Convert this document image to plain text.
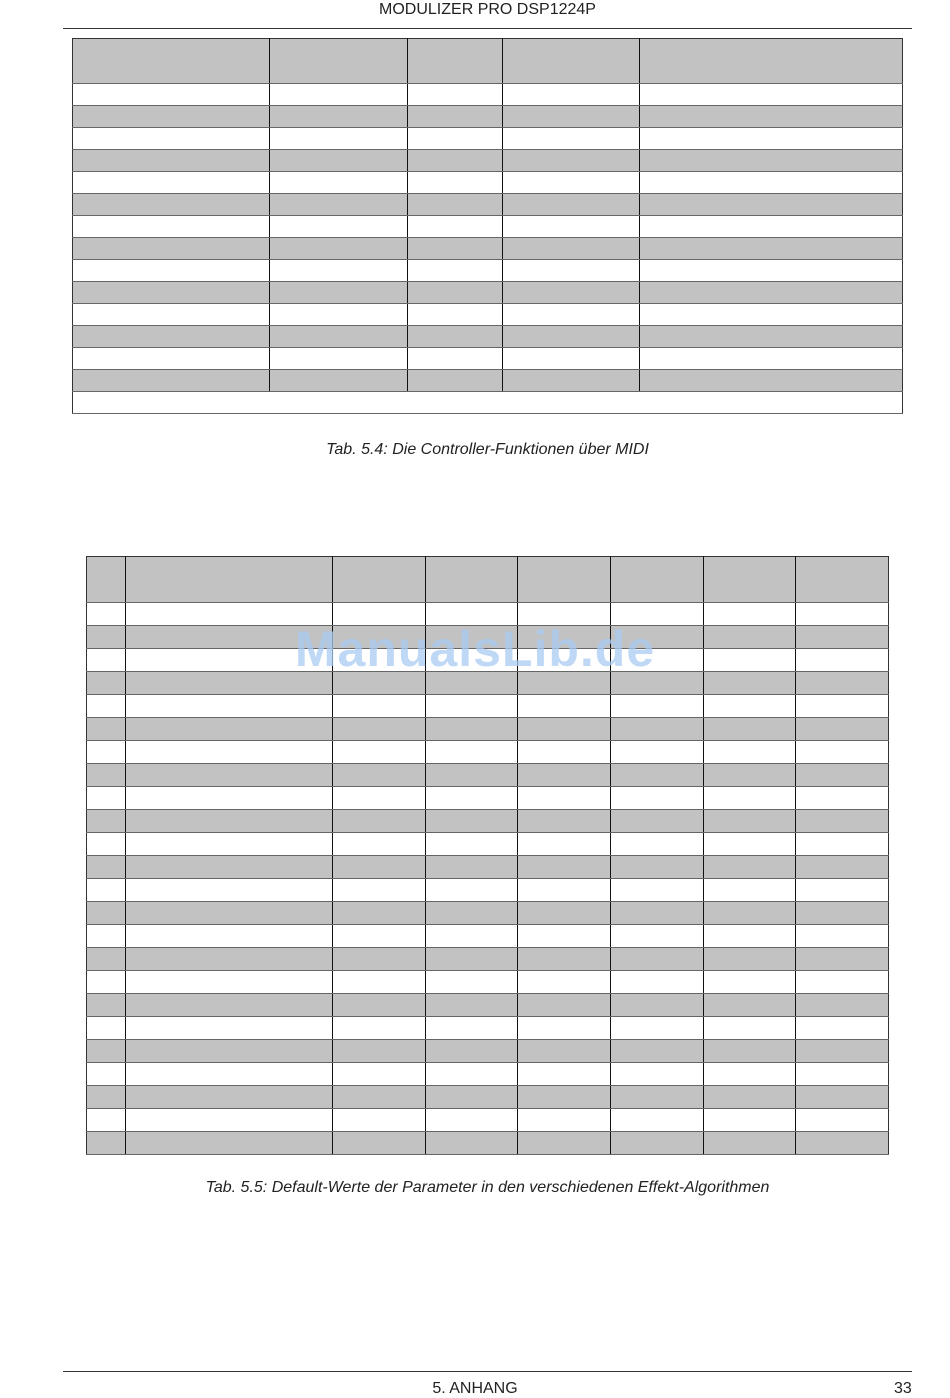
MODULIZER PRO DSP1224P

Tab. 5.4: Die Controller-Funktionen über MIDI

Tab. 5.5: Default-Werte der Parameter in den verschiedenen Effekt-Algorithmen
ManualsLib.de
5. ANHANG	33
